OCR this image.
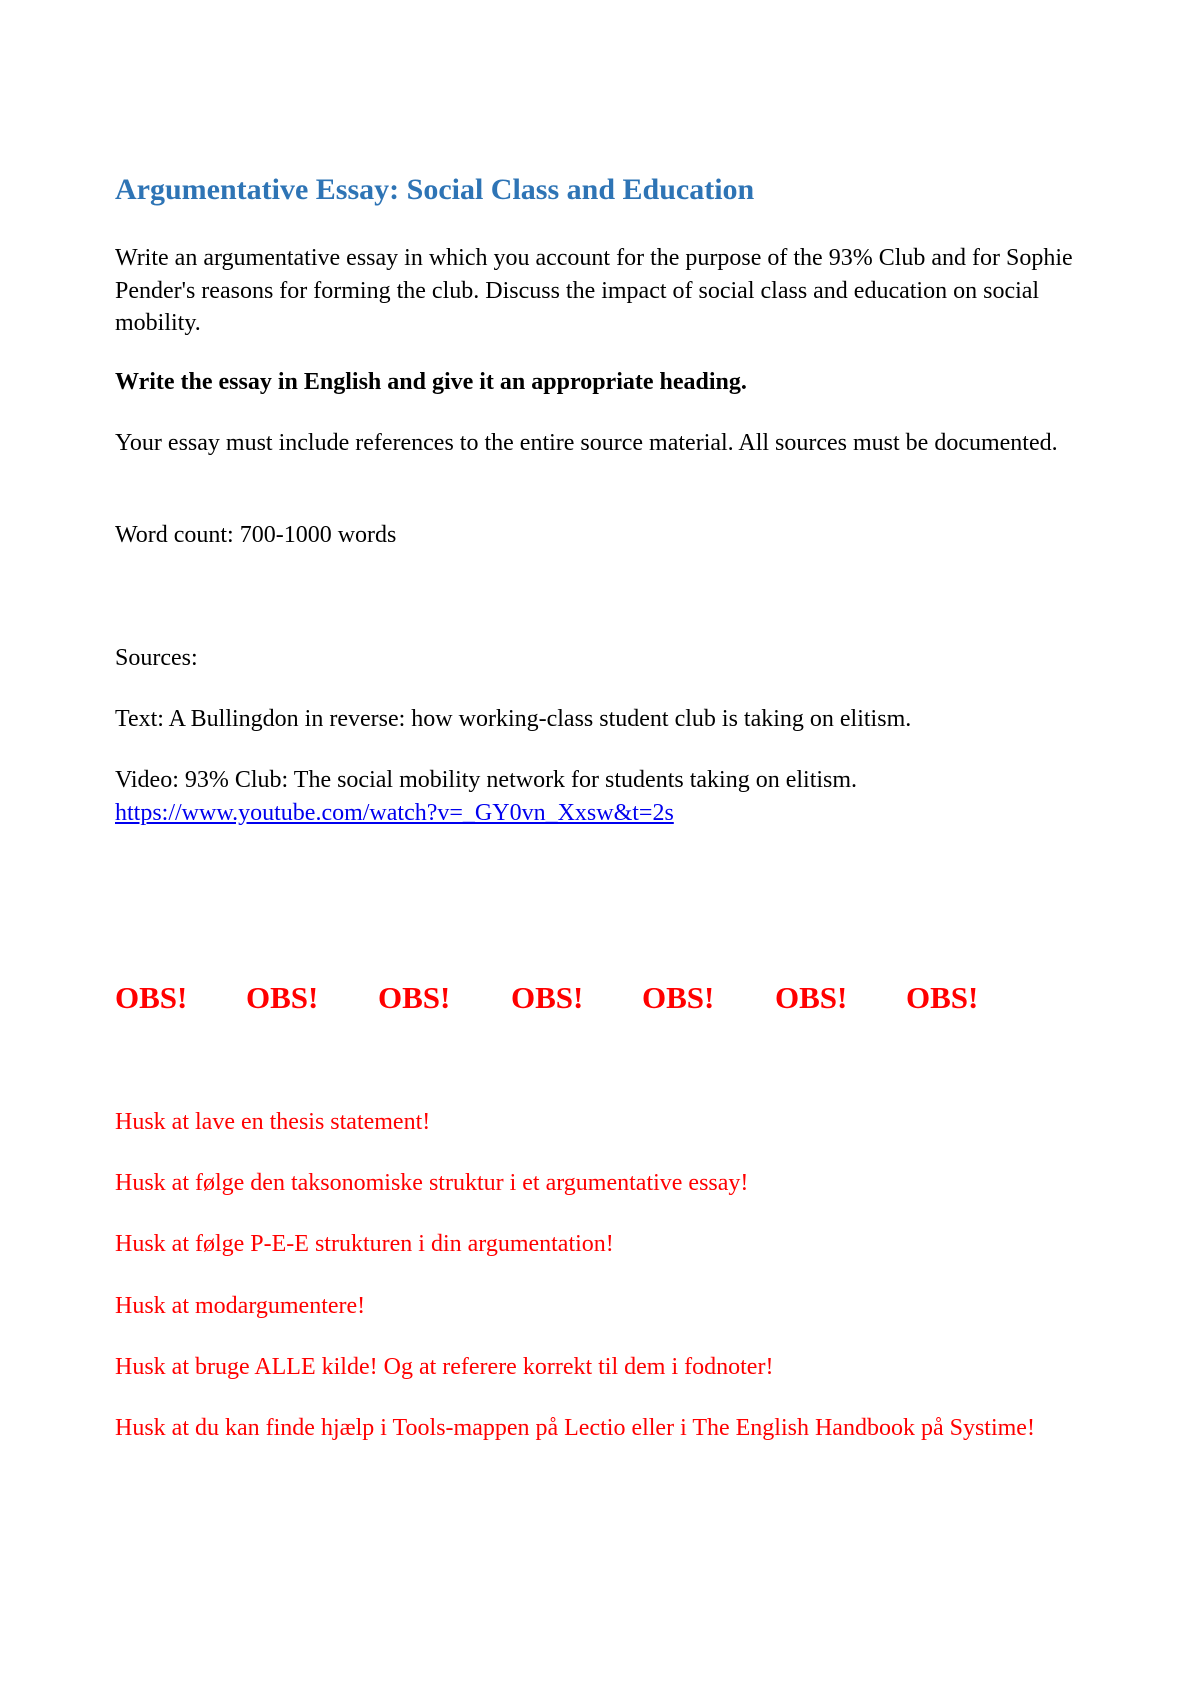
Argumentative Essay: Social Class and Education

Write an argumentative essay in which you account for the purpose of the 93% Club and for Sophie Pender's reasons for forming the club. Discuss the impact of social class and education on social mobility.

Write the essay in English and give it an appropriate heading.

Your essay must include references to the entire source material. All sources must be documented.

Word count: 700-1000 words

Sources:

Text: A Bullingdon in reverse: how working-class student club is taking on elitism.

Video: 93% Club: The social mobility network for students taking on elitism.
https://www.youtube.com/watch?v=_GY0vn_Xxsw&t=2s

OBS! OBS! OBS! OBS! OBS! OBS! OBS!

Husk at lave en thesis statement!

Husk at følge den taksonomiske struktur i et argumentative essay!

Husk at følge P-E-E strukturen i din argumentation!

Husk at modargumentere!

Husk at bruge ALLE kilde! Og at referere korrekt til dem i fodnoter!

Husk at du kan finde hjælp i Tools-mappen på Lectio eller i The English Handbook på Systime!
